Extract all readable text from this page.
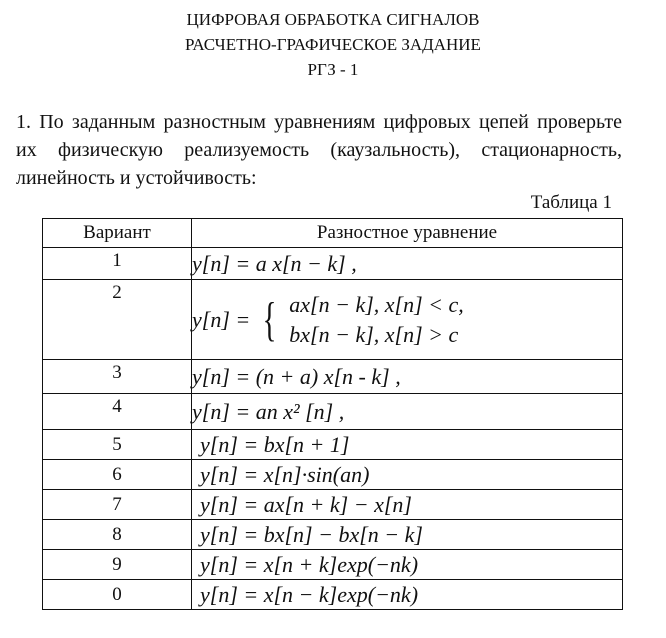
ЦИФРОВАЯ ОБРАБОТКА СИГНАЛОВ
РАСЧЕТНО-ГРАФИЧЕСКОЕ ЗАДАНИЕ
РГЗ - 1
1. По заданным разностным уравнениям цифровых цепей проверьте их физическую реализуемость (каузальность), стационарность, линейность и устойчивость:
Таблица 1
Вариант	Разностное уравнение
1	y[n] = a x[n − k] ,
2	y[n] = { ax[n − k], x[n] < c,
bx[n − k], x[n] > c

3	y[n] = (n + a) x[n - k] ,
4	y[n] = an x² [n] ,
5	y[n] = bx[n + 1]
6	y[n] = x[n]·sin(an)
7	y[n] = ax[n + k] − x[n]
8	y[n] = bx[n] − bx[n − k]
9	y[n] = x[n + k]exp(−nk)
0	y[n] = x[n − k]exp(−nk)
